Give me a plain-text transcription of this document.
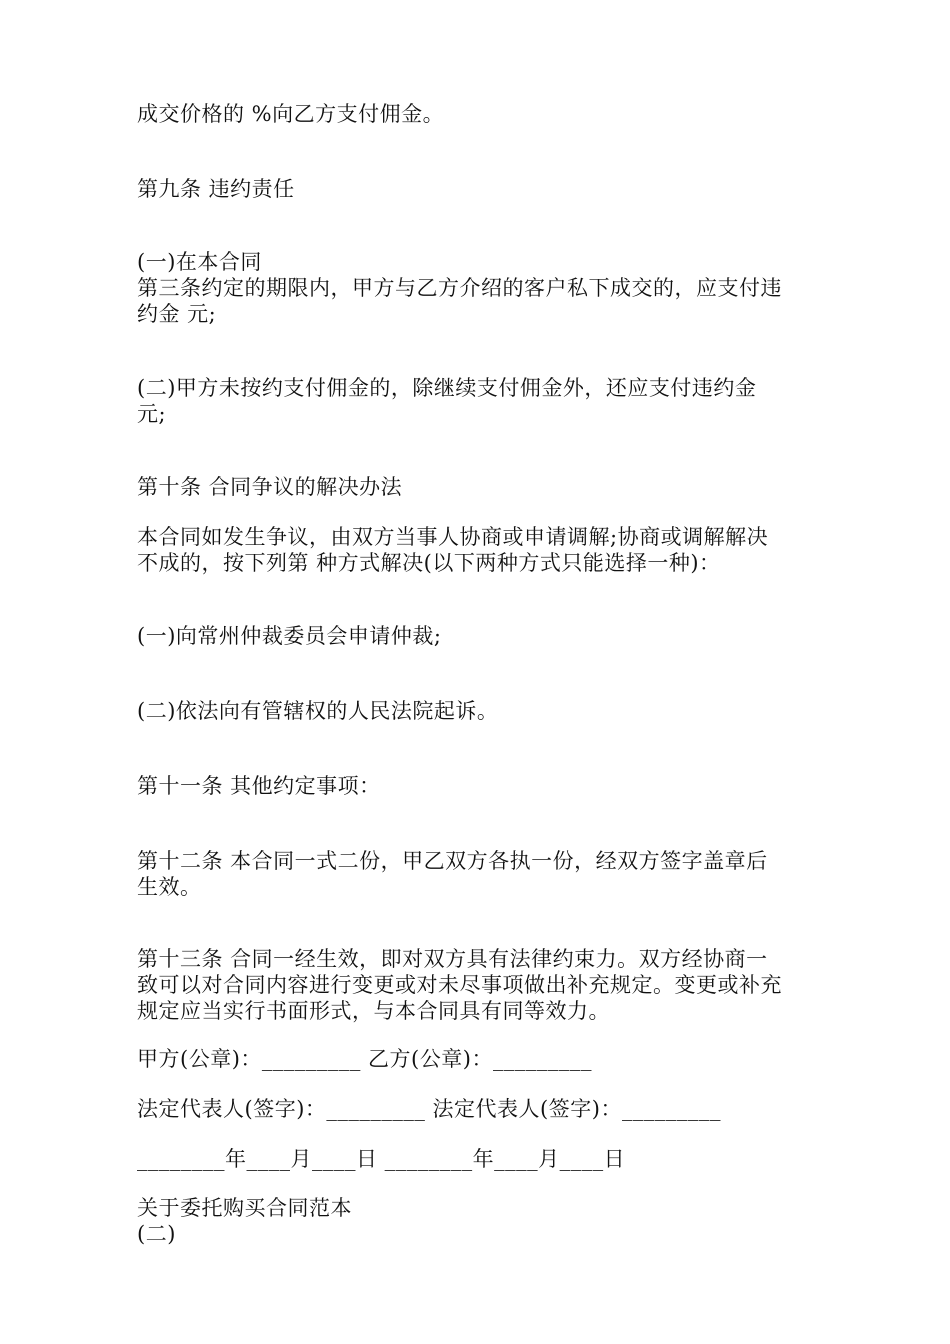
成交价格的 %向乙方支付佣金。
第九条 违约责任
(一)在本合同
第三条约定的期限内，甲方与乙方介绍的客户私下成交的，应支付违
约金 元;
(二)甲方未按约支付佣金的，除继续支付佣金外，还应支付违约金
元;
第十条 合同争议的解决办法
本合同如发生争议，由双方当事人协商或申请调解;协商或调解解决
不成的，按下列第 种方式解决(以下两种方式只能选择一种)：
(一)向常州仲裁委员会申请仲裁;
(二)依法向有管辖权的人民法院起诉。
第十一条 其他约定事项：
第十二条 本合同一式二份，甲乙双方各执一份，经双方签字盖章后
生效。
第十三条 合同一经生效，即对双方具有法律约束力。双方经协商一
致可以对合同内容进行变更或对未尽事项做出补充规定。变更或补充
规定应当实行书面形式，与本合同具有同等效力。
甲方(公章)：_________ 乙方(公章)：_________
法定代表人(签字)：_________ 法定代表人(签字)：_________
________年____月____日 ________年____月____日
关于委托购买合同范本
(二)
